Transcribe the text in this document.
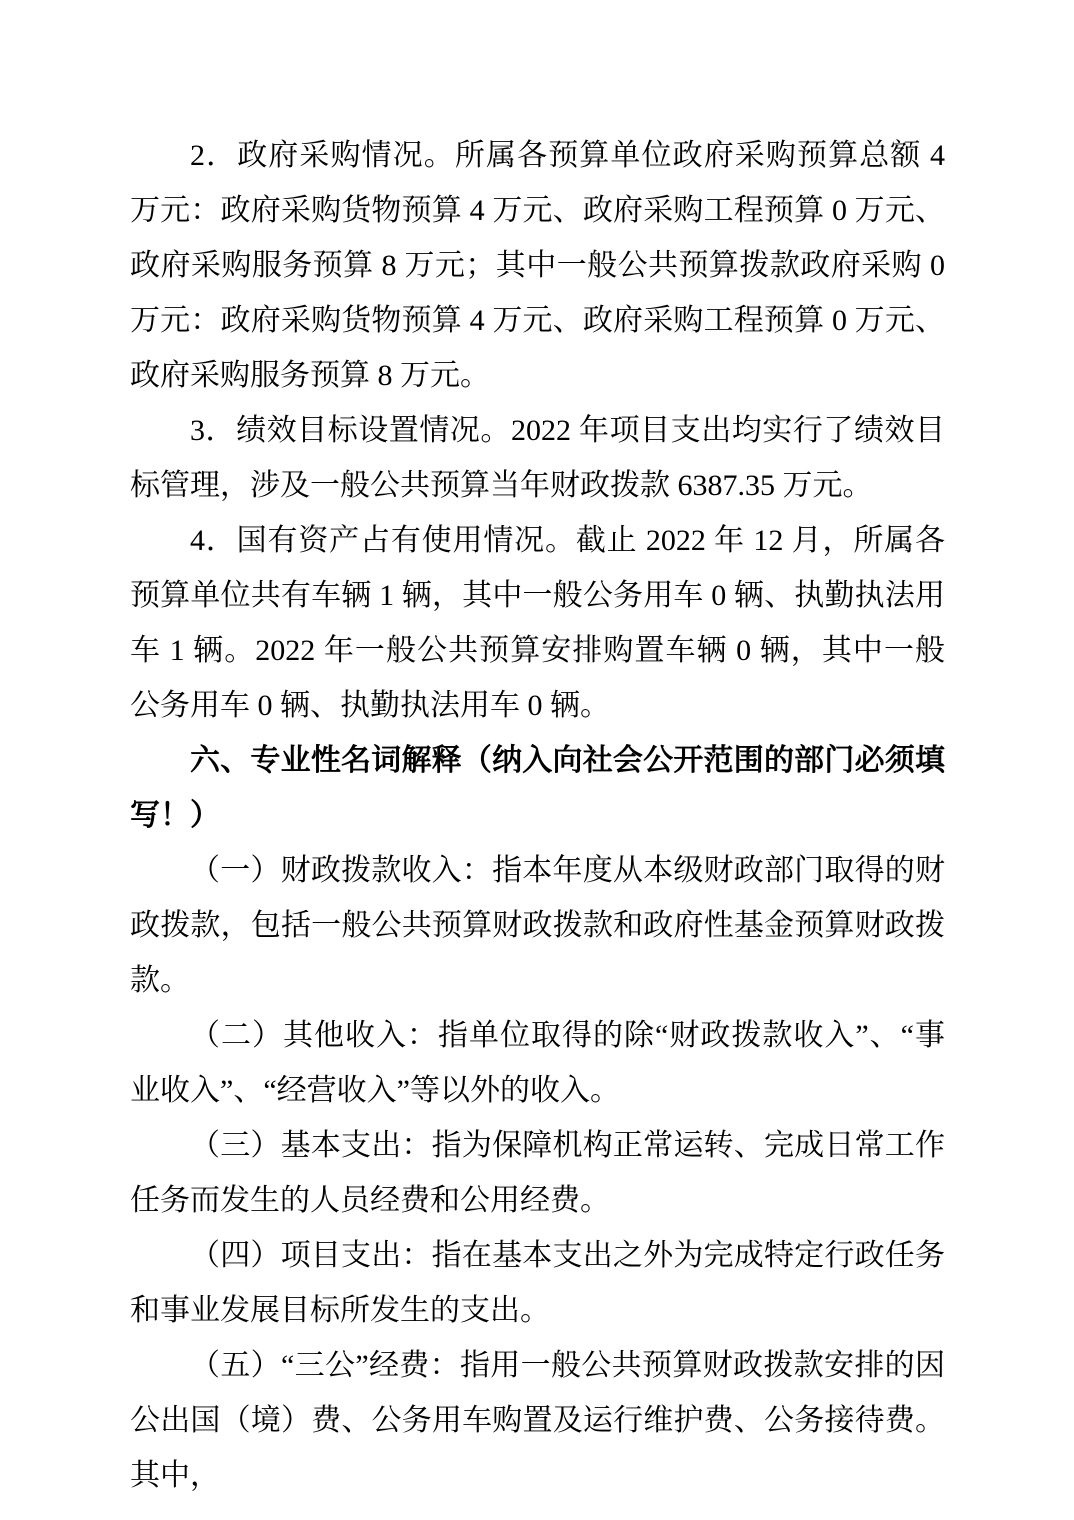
2．政府采购情况。所属各预算单位政府采购预算总额 4 万元：政府采购货物预算 4 万元、政府采购工程预算 0 万元、政府采购服务预算 8 万元；其中一般公共预算拨款政府采购 0 万元：政府采购货物预算 4 万元、政府采购工程预算 0 万元、政府采购服务预算 8 万元。

3．绩效目标设置情况。2022 年项目支出均实行了绩效目标管理，涉及一般公共预算当年财政拨款 6387.35 万元。

4．国有资产占有使用情况。截止 2022 年 12 月，所属各预算单位共有车辆 1 辆，其中一般公务用车 0 辆、执勤执法用车 1 辆。2022 年一般公共预算安排购置车辆 0 辆，其中一般公务用车 0 辆、执勤执法用车 0 辆。

六、专业性名词解释（纳入向社会公开范围的部门必须填写！）

（一）财政拨款收入：指本年度从本级财政部门取得的财政拨款，包括一般公共预算财政拨款和政府性基金预算财政拨款。

（二）其他收入：指单位取得的除“财政拨款收入”、“事业收入”、“经营收入”等以外的收入。

（三）基本支出：指为保障机构正常运转、完成日常工作任务而发生的人员经费和公用经费。

（四）项目支出：指在基本支出之外为完成特定行政任务和事业发展目标所发生的支出。

（五）“三公”经费：指用一般公共预算财政拨款安排的因公出国（境）费、公务用车购置及运行维护费、公务接待费。其中，
